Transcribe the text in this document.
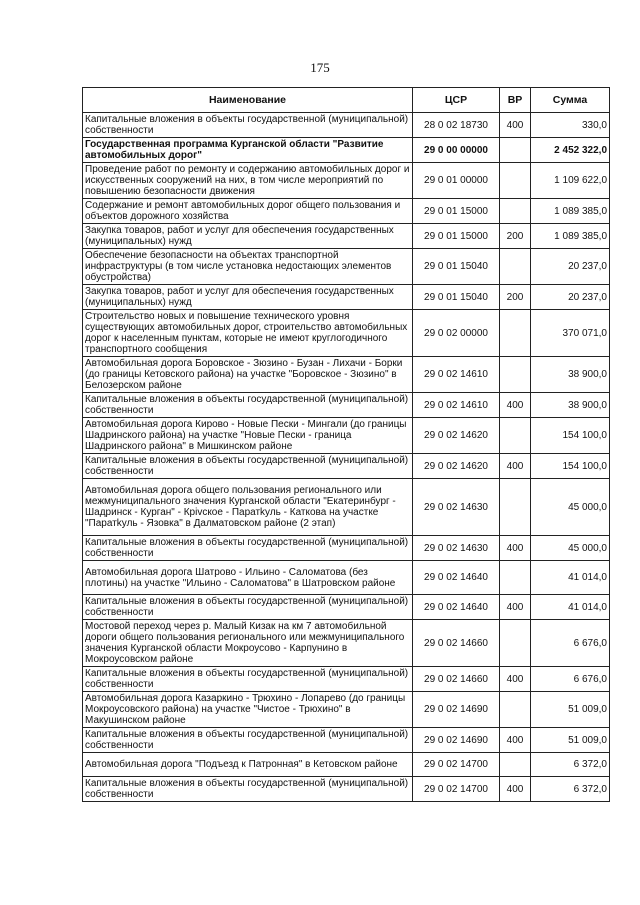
175
Наименование	ЦСР	ВР	Сумма
Капитальные вложения в объекты государственной (муниципальной) собственности	28 0 02 18730	400	330,0
Государственная программа Курганской области "Развитие автомобильных дорог"	29 0 00 00000		2 452 322,0
Проведение работ по ремонту и содержанию автомобильных дорог и искусственных сооружений на них, в том числе мероприятий по повышению безопасности движения	29 0 01 00000		1 109 622,0
Содержание и ремонт автомобильных дорог общего пользования и объектов дорожного хозяйства	29 0 01 15000		1 089 385,0
Закупка товаров, работ и услуг для обеспечения государственных (муниципальных) нужд	29 0 01 15000	200	1 089 385,0
Обеспечение безопасности на объектах транспортной инфраструктуры (в том числе установка недостающих элементов обустройства)	29 0 01 15040		20 237,0
Закупка товаров, работ и услуг для обеспечения государственных (муниципальных) нужд	29 0 01 15040	200	20 237,0
Строительство новых и повышение технического уровня существующих автомобильных дорог, строительство автомобильных дорог к населенным пунктам, которые не имеют круглогодичного транспортного сообщения	29 0 02 00000		370 071,0
Автомобильная дорога Боровское - Зюзино - Бузан - Лихачи - Борки (до границы Кетовского района) на участке "Боровское - Зюзино" в Белозерском районе	29 0 02 14610		38 900,0
Капитальные вложения в объекты государственной (муниципальной) собственности	29 0 02 14610	400	38 900,0
Автомобильная дорога Кирово - Новые Пески - Мингали (до границы Шадринского района) на участке "Новые Пески - граница Шадринского района" в Мишкинском районе	29 0 02 14620		154 100,0
Капитальные вложения в объекты государственной (муниципальной) собственности	29 0 02 14620	400	154 100,0
Автомобильная дорога общего пользования регионального или межмуниципального значения Курганской области "Екатеринбург - Шадринск - Курган" - Крivское - Паратkуль - Каткова на участке "Паратkуль - Язовка" в Далматовском районе (2 этап)	29 0 02 14630		45 000,0
Капитальные вложения в объекты государственной (муниципальной) собственности	29 0 02 14630	400	45 000,0
Автомобильная дорога Шатрово - Ильино - Саломатова (без плотины) на участке "Ильино - Саломатова" в Шатровском районе	29 0 02 14640		41 014,0
Капитальные вложения в объекты государственной (муниципальной) собственности	29 0 02 14640	400	41 014,0
Мостовой переход через р. Малый Кизак на км 7 автомобильной дороги общего пользования регионального или межмуниципального значения Курганской области Мокроусово - Карпунино в Мокроусовском районе	29 0 02 14660		6 676,0
Капитальные вложения в объекты государственной (муниципальной) собственности	29 0 02 14660	400	6 676,0
Автомобильная дорога Казаркино - Трюхино - Лопарево (до границы Мокроусовского района) на участке "Чистое - Трюхино" в Макушинском районе	29 0 02 14690		51 009,0
Капитальные вложения в объекты государственной (муниципальной) собственности	29 0 02 14690	400	51 009,0
Автомобильная дорога "Подъезд к Патронная" в Кетовском районе	29 0 02 14700		6 372,0
Капитальные вложения в объекты государственной (муниципальной) собственности	29 0 02 14700	400	6 372,0
